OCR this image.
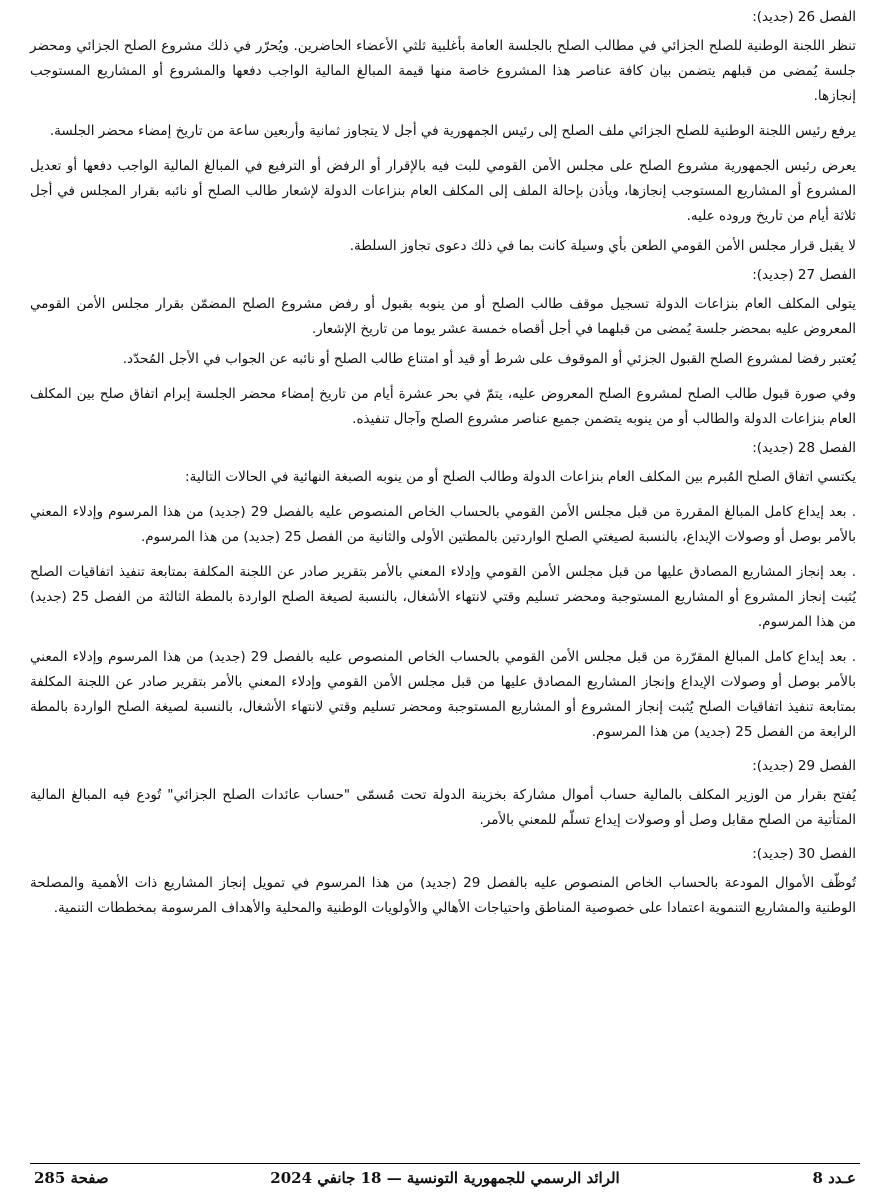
الفصل 26 (جديد):

تنظر اللجنة الوطنية للصلح الجزائي في مطالب الصلح بالجلسة العامة بأغلبية ثلثي الأعضاء الحاضرين. ويُحرّر في ذلك مشروع الصلح الجزائي ومحضر جلسة يُمضى من قبلهم يتضمن بيان كافة عناصر هذا المشروع خاصة منها قيمة المبالغ المالية الواجب دفعها والمشروع أو المشاريع المستوجب إنجازها.

يرفع رئيس اللجنة الوطنية للصلح الجزائي ملف الصلح إلى رئيس الجمهورية في أجل لا يتجاوز ثمانية وأربعين ساعة من تاريخ إمضاء محضر الجلسة.

يعرض رئيس الجمهورية مشروع الصلح على مجلس الأمن القومي للبت فيه بالإقرار أو الرفض أو الترفيع في المبالغ المالية الواجب دفعها أو تعديل المشروع أو المشاريع المستوجب إنجازها، ويأذن بإحالة الملف إلى المكلف العام بنزاعات الدولة لإشعار طالب الصلح أو نائبه بقرار المجلس في أجل ثلاثة أيام من تاريخ وروده عليه.

لا يقبل قرار مجلس الأمن القومي الطعن بأي وسيلة كانت بما في ذلك دعوى تجاوز السلطة.

الفصل 27 (جديد):

يتولى المكلف العام بنزاعات الدولة تسجيل موقف طالب الصلح أو من ينوبه بقبول أو رفض مشروع الصلح المضمّن بقرار مجلس الأمن القومي المعروض عليه بمحضر جلسة يُمضى من قبلهما في أجل أقصاه خمسة عشر يوما من تاريخ الإشعار.

يُعتبر رفضا لمشروع الصلح القبول الجزئي أو الموقوف على شرط أو قيد أو امتناع طالب الصلح أو نائبه عن الجواب في الأجل المُحدّد.

وفي صورة قبول طالب الصلح لمشروع الصلح المعروض عليه، يتمّ في بحر عشرة أيام من تاريخ إمضاء محضر الجلسة إبرام اتفاق صلح بين المكلف العام بنزاعات الدولة والطالب أو من ينوبه يتضمن جميع عناصر مشروع الصلح وآجال تنفيذه.

الفصل 28 (جديد):

يكتسي اتفاق الصلح المُبرم بين المكلف العام بنزاعات الدولة وطالب الصلح أو من ينوبه الصبغة النهائية في الحالات التالية:

. بعد إيداع كامل المبالغ المقررة من قبل مجلس الأمن القومي بالحساب الخاص المنصوص عليه بالفصل 29 (جديد) من هذا المرسوم وإدلاء المعني بالأمر بوصل أو وصولات الإيداع، بالنسبة لصيغتي الصلح الواردتين بالمطتين الأولى والثانية من الفصل 25 (جديد) من هذا المرسوم.

. بعد إنجاز المشاريع المصادق عليها من قبل مجلس الأمن القومي وإدلاء المعني بالأمر بتقرير صادر عن اللجنة المكلفة بمتابعة تنفيذ اتفاقيات الصلح يُثبت إنجاز المشروع أو المشاريع المستوجبة ومحضر تسليم وقتي لانتهاء الأشغال، بالنسبة لصيغة الصلح الواردة بالمطة الثالثة من الفصل 25 (جديد) من هذا المرسوم.

. بعد إيداع كامل المبالغ المقرّرة من قبل مجلس الأمن القومي بالحساب الخاص المنصوص عليه بالفصل 29 (جديد) من هذا المرسوم وإدلاء المعني بالأمر بوصل أو وصولات الإيداع وإنجاز المشاريع المصادق عليها من قبل مجلس الأمن القومي وإدلاء المعني بالأمر بتقرير صادر عن اللجنة المكلفة بمتابعة تنفيذ اتفاقيات الصلح يُثبت إنجاز المشروع أو المشاريع المستوجبة ومحضر تسليم وقتي لانتهاء الأشغال، بالنسبة لصيغة الصلح الواردة بالمطة الرابعة من الفصل 25 (جديد) من هذا المرسوم.

الفصل 29 (جديد):

يُفتح بقرار من الوزير المكلف بالمالية حساب أموال مشاركة بخزينة الدولة تحت مُسمّى "حساب عائدات الصلح الجزائي" تُودع فيه المبالغ المالية المتأتية من الصلح مقابل وصل أو وصولات إيداع تسلّم للمعني بالأمر.

الفصل 30 (جديد):

تُوظّف الأموال المودعة بالحساب الخاص المنصوص عليه بالفصل 29 (جديد) من هذا المرسوم في تمويل إنجاز المشاريع ذات الأهمية والمصلحة الوطنية والمشاريع التنموية اعتمادا على خصوصية المناطق واحتياجات الأهالي والأولويات الوطنية والمحلية والأهداف المرسومة بمخططات التنمية.

عـدد 8
الرائد الرسمي للجمهورية التونسية — 18 جانفي 2024
صفحة 285
